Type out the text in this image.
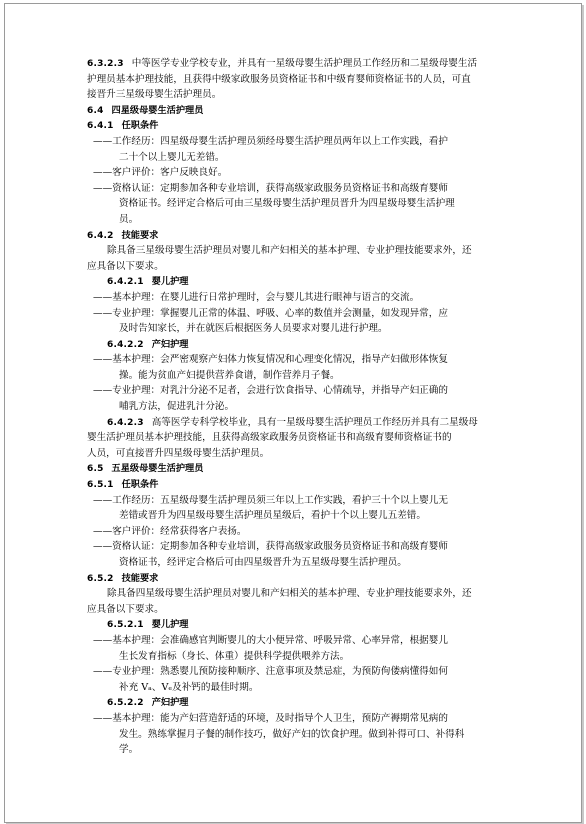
6.3.2.3 中等医学专业学校专业，并具有一星级母婴生活护理员工作经历和二星级母婴生活
护理员基本护理技能，且获得中级家政服务员资格证书和中级育婴师资格证书的人员，可直
接晋升三星级母婴生活护理员。
6.4 四星级母婴生活护理员
6.4.1 任职条件
——工作经历：四星级母婴生活护理员须经母婴生活护理员两年以上工作实践，看护
二十个以上婴儿无差错。
——客户评价：客户反映良好。
——资格认证：定期参加各种专业培训，获得高级家政服务员资格证书和高级育婴师
资格证书。经评定合格后可由三星级母婴生活护理员晋升为四星级母婴生活护理
员。
6.4.2 技能要求
除具备三星级母婴生活护理员对婴儿和产妇相关的基本护理、专业护理技能要求外，还
应具备以下要求。
6.4.2.1 婴儿护理
——基本护理：在婴儿进行日常护理时，会与婴儿其进行眼神与语言的交流。
——专业护理：掌握婴儿正常的体温、呼吸、心率的数值并会测量，如发现异常，应
及时告知家长，并在就医后根据医务人员要求对婴儿进行护理。
6.4.2.2 产妇护理
——基本护理：会严密观察产妇体力恢复情况和心理变化情况，指导产妇做形体恢复
操。能为贫血产妇提供营养食谱，制作营养月子餐。
——专业护理：对乳汁分泌不足者，会进行饮食指导、心情疏导，并指导产妇正确的
哺乳方法，促进乳汁分泌。
6.4.2.3 高等医学专科学校毕业，具有一星级母婴生活护理员工作经历并具有二星级母
婴生活护理员基本护理技能，且获得高级家政服务员资格证书和高级育婴师资格证书的
人员，可直接晋升四星级母婴生活护理员。
6.5 五星级母婴生活护理员
6.5.1 任职条件
——工作经历：五星级母婴生活护理员须三年以上工作实践，看护三十个以上婴儿无
差错或晋升为四星级母婴生活护理员星级后，看护十个以上婴儿五差错。
——客户评价：经常获得客户表扬。
——资格认证：定期参加各种专业培训，获得高级家政服务员资格证书和高级育婴师
资格证书，经评定合格后可由四星级晋升为五星级母婴生活护理员。
6.5.2 技能要求
除具备四星级母婴生活护理员对婴儿和产妇相关的基本护理、专业护理技能要求外，还
应具备以下要求。
6.5.2.1 婴儿护理
——基本护理：会准确感官判断婴儿的大小便异常、呼吸异常、心率异常，根据婴儿
生长发育指标（身长、体重）提供科学提供喂养方法。
——专业护理：熟悉婴儿预防接种顺序、注意事项及禁忌症，为预防佝偻病懂得如何
补充 Vₐ、Vₑ及补钙的最佳时期。
6.5.2.2 产妇护理
——基本护理：能为产妇营造舒适的环境，及时指导个人卫生，预防产褥期常见病的
发生。熟练掌握月子餐的制作技巧，做好产妇的饮食护理。做到补得可口、补得科
学。
